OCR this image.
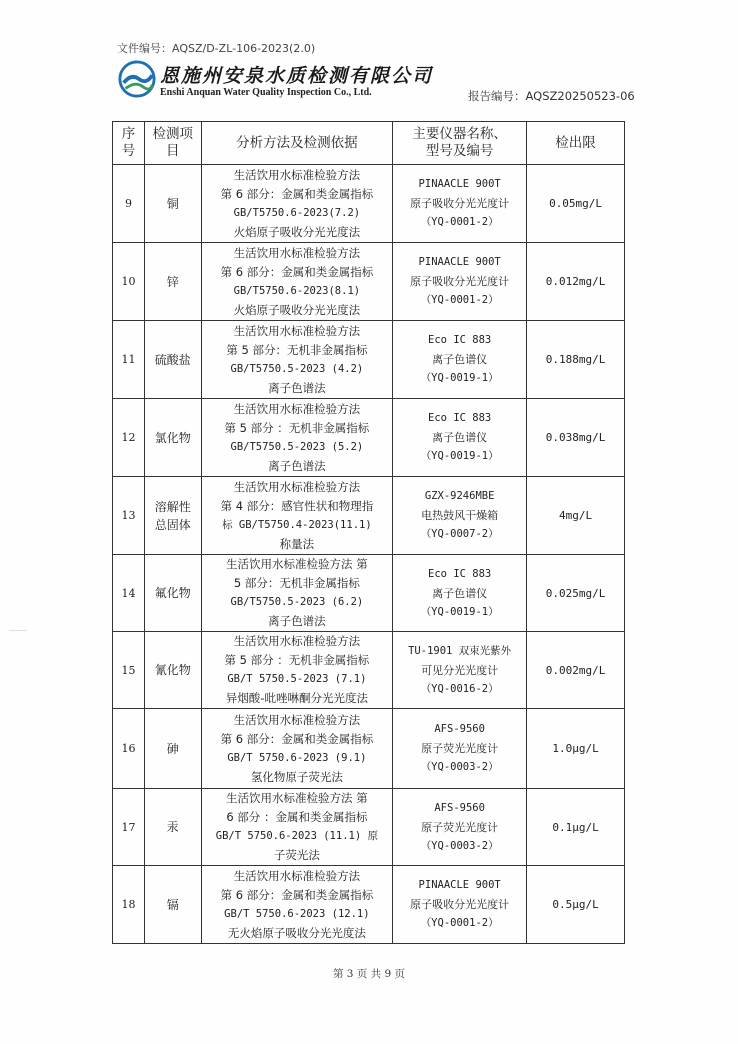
文件编号：AQSZ/D-ZL-106-2023(2.0)
恩施州安泉水质检测有限公司
Enshi Anquan Water Quality Inspection Co., Ltd.	报告编号：AQSZ20250523-06
序
号	检测项
目	分析方法及检测依据	主要仪器名称、
型号及编号	检出限
9	铜	生活饮用水标准检验方法
第 6 部分：金属和类金属指标
GB/T5750.6-2023(7.2)
火焰原子吸收分光光度法	PINAACLE 900T
原子吸收分光光度计
（YQ-0001-2）	0.05mg/L
10	锌	生活饮用水标准检验方法
第 6 部分：金属和类金属指标
GB/T5750.6-2023(8.1)
火焰原子吸收分光光度法	PINAACLE 900T
原子吸收分光光度计
（YQ-0001-2）	0.012mg/L
11	硫酸盐	生活饮用水标准检验方法
第 5 部分：无机非金属指标
GB/T5750.5-2023 (4.2)
离子色谱法	Eco IC 883
离子色谱仪
（YQ-0019-1）	0.188mg/L
12	氯化物	生活饮用水标准检验方法
第 5 部分 ：无机非金属指标
GB/T5750.5-2023 (5.2)
离子色谱法	Eco IC 883
离子色谱仪
（YQ-0019-1）	0.038mg/L
13	溶解性
总固体	生活饮用水标准检验方法
第 4 部分：感官性状和物理指
标 GB/T5750.4-2023(11.1)
称量法	GZX-9246MBE
电热鼓风干燥箱
（YQ-0007-2）	4mg/L
14	氟化物	生活饮用水标准检验方法 第
5 部分：无机非金属指标
GB/T5750.5-2023 (6.2)
离子色谱法	Eco IC 883
离子色谱仪
（YQ-0019-1）	0.025mg/L
15	氰化物	生活饮用水标准检验方法
第 5 部分 ：无机非金属指标
GB/T 5750.5-2023 (7.1)
异烟酸-吡唑啉酮分光光度法	TU-1901 双束光紫外
可见分光光度计
（YQ-0016-2）	0.002mg/L
16	砷	生活饮用水标准检验方法
第 6 部分：金属和类金属指标
GB/T 5750.6-2023 (9.1)
氢化物原子荧光法	AFS-9560
原子荧光光度计
（YQ-0003-2）	1.0μg/L
17	汞	生活饮用水标准检验方法 第
6 部分 ：金属和类金属指标
GB/T 5750.6-2023 (11.1) 原
子荧光法	AFS-9560
原子荧光光度计
（YQ-0003-2）	0.1μg/L
18	镉	生活饮用水标准检验方法
第 6 部分：金属和类金属指标
GB/T 5750.6-2023 (12.1)
无火焰原子吸收分光光度法	PINAACLE 900T
原子吸收分光光度计
（YQ-0001-2）	0.5μg/L
第 3 页 共 9 页
